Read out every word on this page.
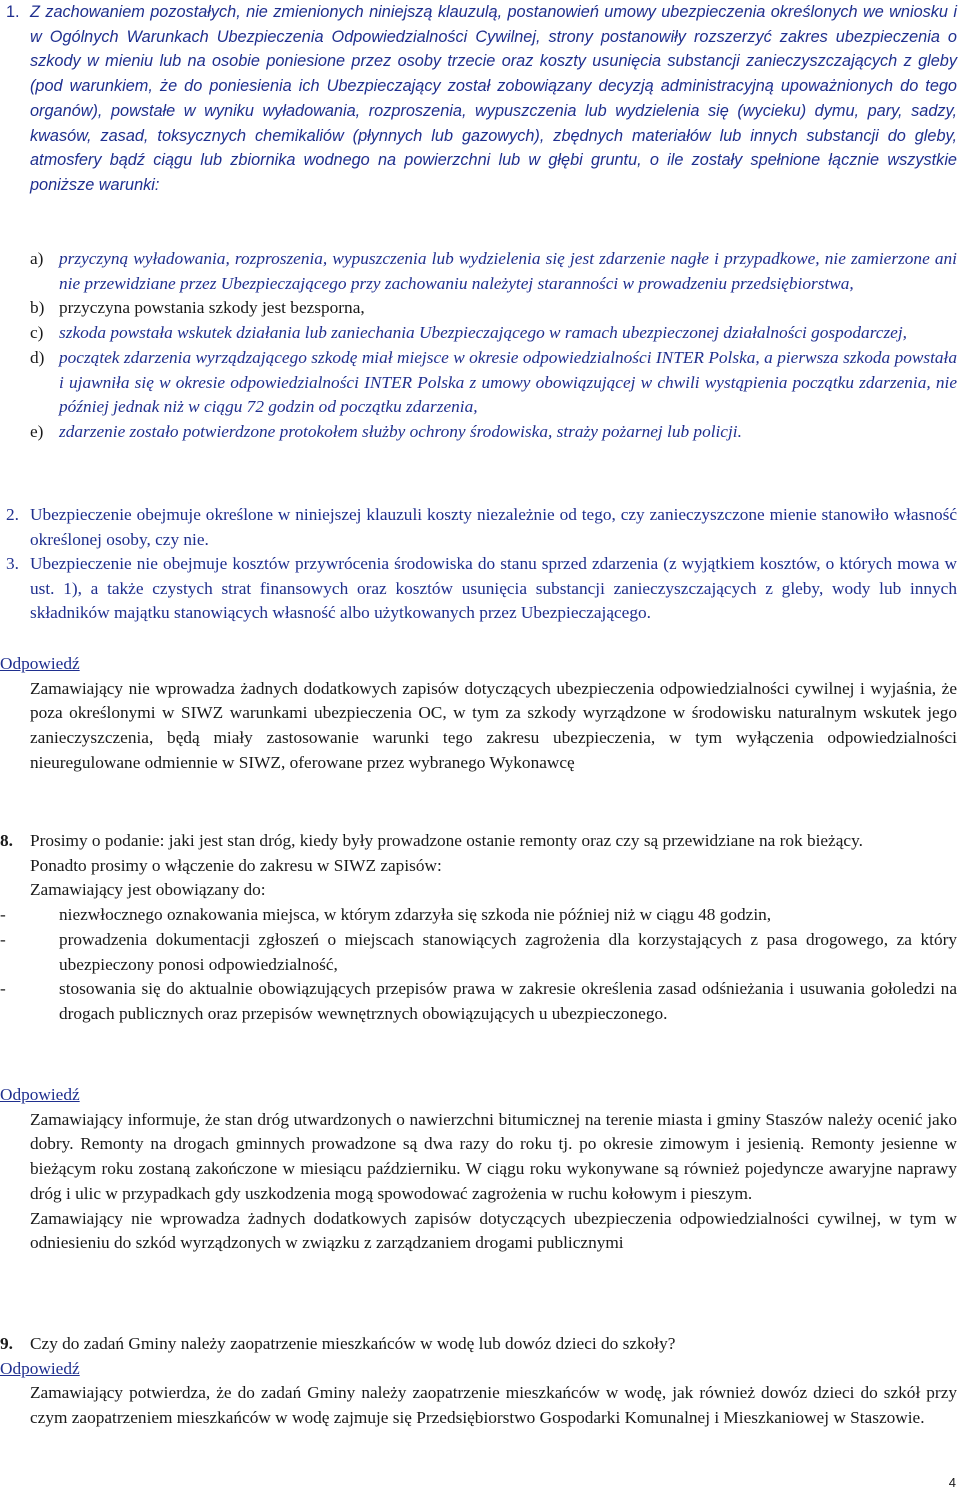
1. Z zachowaniem pozostałych, nie zmienionych niniejszą klauzulą, postanowień umowy ubezpieczenia określonych we wniosku i w Ogólnych Warunkach Ubezpieczenia Odpowiedzialności Cywilnej, strony postanowiły rozszerzyć zakres ubezpieczenia o szkody w mieniu lub na osobie poniesione przez osoby trzecie oraz koszty usunięcia substancji zanieczyszczających z gleby (pod warunkiem, że do poniesienia ich Ubezpieczający został zobowiązany decyzją administracyjną upoważnionych do tego organów), powstałe w wyniku wyładowania, rozproszenia, wypuszczenia lub wydzielenia się (wycieku) dymu, pary, sadzy, kwasów, zasad, toksycznych chemikaliów (płynnych lub gazowych), zbędnych materiałów lub innych substancji do gleby, atmosfery bądź ciągu lub zbiornika wodnego na powierzchni lub w głębi gruntu, o ile zostały spełnione łącznie wszystkie poniższe warunki:

a) przyczyną wyładowania, rozproszenia, wypuszczenia lub wydzielenia się jest zdarzenie nagłe i przypadkowe, nie zamierzone ani nie przewidziane przez Ubezpieczającego przy zachowaniu należytej staranności w prowadzeniu przedsiębiorstwa,

b) przyczyna powstania szkody jest bezsporna,

c) szkoda powstała wskutek działania lub zaniechania Ubezpieczającego w ramach ubezpieczonej działalności gospodarczej,

d) początek zdarzenia wyrządzającego szkodę miał miejsce w okresie odpowiedzialności INTER Polska, a pierwsza szkoda powstała i ujawniła się w okresie odpowiedzialności INTER Polska z umowy obowiązującej w chwili wystąpienia początku zdarzenia, nie później jednak niż w ciągu 72 godzin od początku zdarzenia,

e) zdarzenie zostało potwierdzone protokołem służby ochrony środowiska, straży pożarnej lub policji.

2. Ubezpieczenie obejmuje określone w niniejszej klauzuli koszty niezależnie od tego, czy zanieczyszczone mienie stanowiło własność określonej osoby, czy nie.

3. Ubezpieczenie nie obejmuje kosztów przywrócenia środowiska do stanu sprzed zdarzenia (z wyjątkiem kosztów, o których mowa w ust. 1), a także czystych strat finansowych oraz kosztów usunięcia substancji zanieczyszczających z gleby, wody lub innych składników majątku stanowiących własność albo użytkowanych przez Ubezpieczającego.

Odpowiedź

Zamawiający nie wprowadza żadnych dodatkowych zapisów dotyczących ubezpieczenia odpowiedzialności cywilnej i wyjaśnia, że poza określonymi w SIWZ warunkami ubezpieczenia OC, w tym za szkody wyrządzone w środowisku naturalnym wskutek jego zanieczyszczenia, będą miały zastosowanie warunki tego zakresu ubezpieczenia, w tym wyłączenia odpowiedzialności nieuregulowane odmiennie w SIWZ, oferowane przez wybranego Wykonawcę

8. Prosimy o podanie: jaki jest stan dróg, kiedy były prowadzone ostanie remonty oraz czy są przewidziane na rok bieżący.

Ponadto prosimy o włączenie do zakresu w SIWZ zapisów:

Zamawiający jest obowiązany do:

-	niezwłocznego oznakowania miejsca, w którym zdarzyła się szkoda nie później niż w ciągu 48 godzin,

-	prowadzenia dokumentacji zgłoszeń o miejscach stanowiących zagrożenia dla korzystających z pasa drogowego, za który ubezpieczony ponosi odpowiedzialność,

-	stosowania się do aktualnie obowiązujących przepisów prawa w zakresie określenia zasad odśnieżania i usuwania gołoledzi na drogach publicznych oraz przepisów wewnętrznych obowiązujących u ubezpieczonego.

Odpowiedź

Zamawiający informuje, że stan dróg utwardzonych o nawierzchni bitumicznej na terenie miasta i gminy Staszów należy ocenić jako dobry. Remonty na drogach gminnych prowadzone są dwa razy do roku tj. po okresie zimowym i jesienią. Remonty jesienne w bieżącym roku zostaną zakończone w miesiącu październiku. W ciągu roku wykonywane są również pojedyncze awaryjne naprawy dróg i ulic w przypadkach gdy uszkodzenia mogą spowodować zagrożenia w ruchu kołowym i pieszym.

Zamawiający nie wprowadza żadnych dodatkowych zapisów dotyczących ubezpieczenia odpowiedzialności cywilnej, w tym w odniesieniu do szkód wyrządzonych w związku z zarządzaniem drogami publicznymi

9. Czy do zadań Gminy należy zaopatrzenie mieszkańców w wodę lub dowóz dzieci do szkoły?

Odpowiedź

Zamawiający potwierdza, że do zadań Gminy należy zaopatrzenie mieszkańców w wodę, jak również dowóz dzieci do szkół przy czym zaopatrzeniem mieszkańców w wodę zajmuje się Przedsiębiorstwo Gospodarki Komunalnej i Mieszkaniowej w Staszowie.

4
